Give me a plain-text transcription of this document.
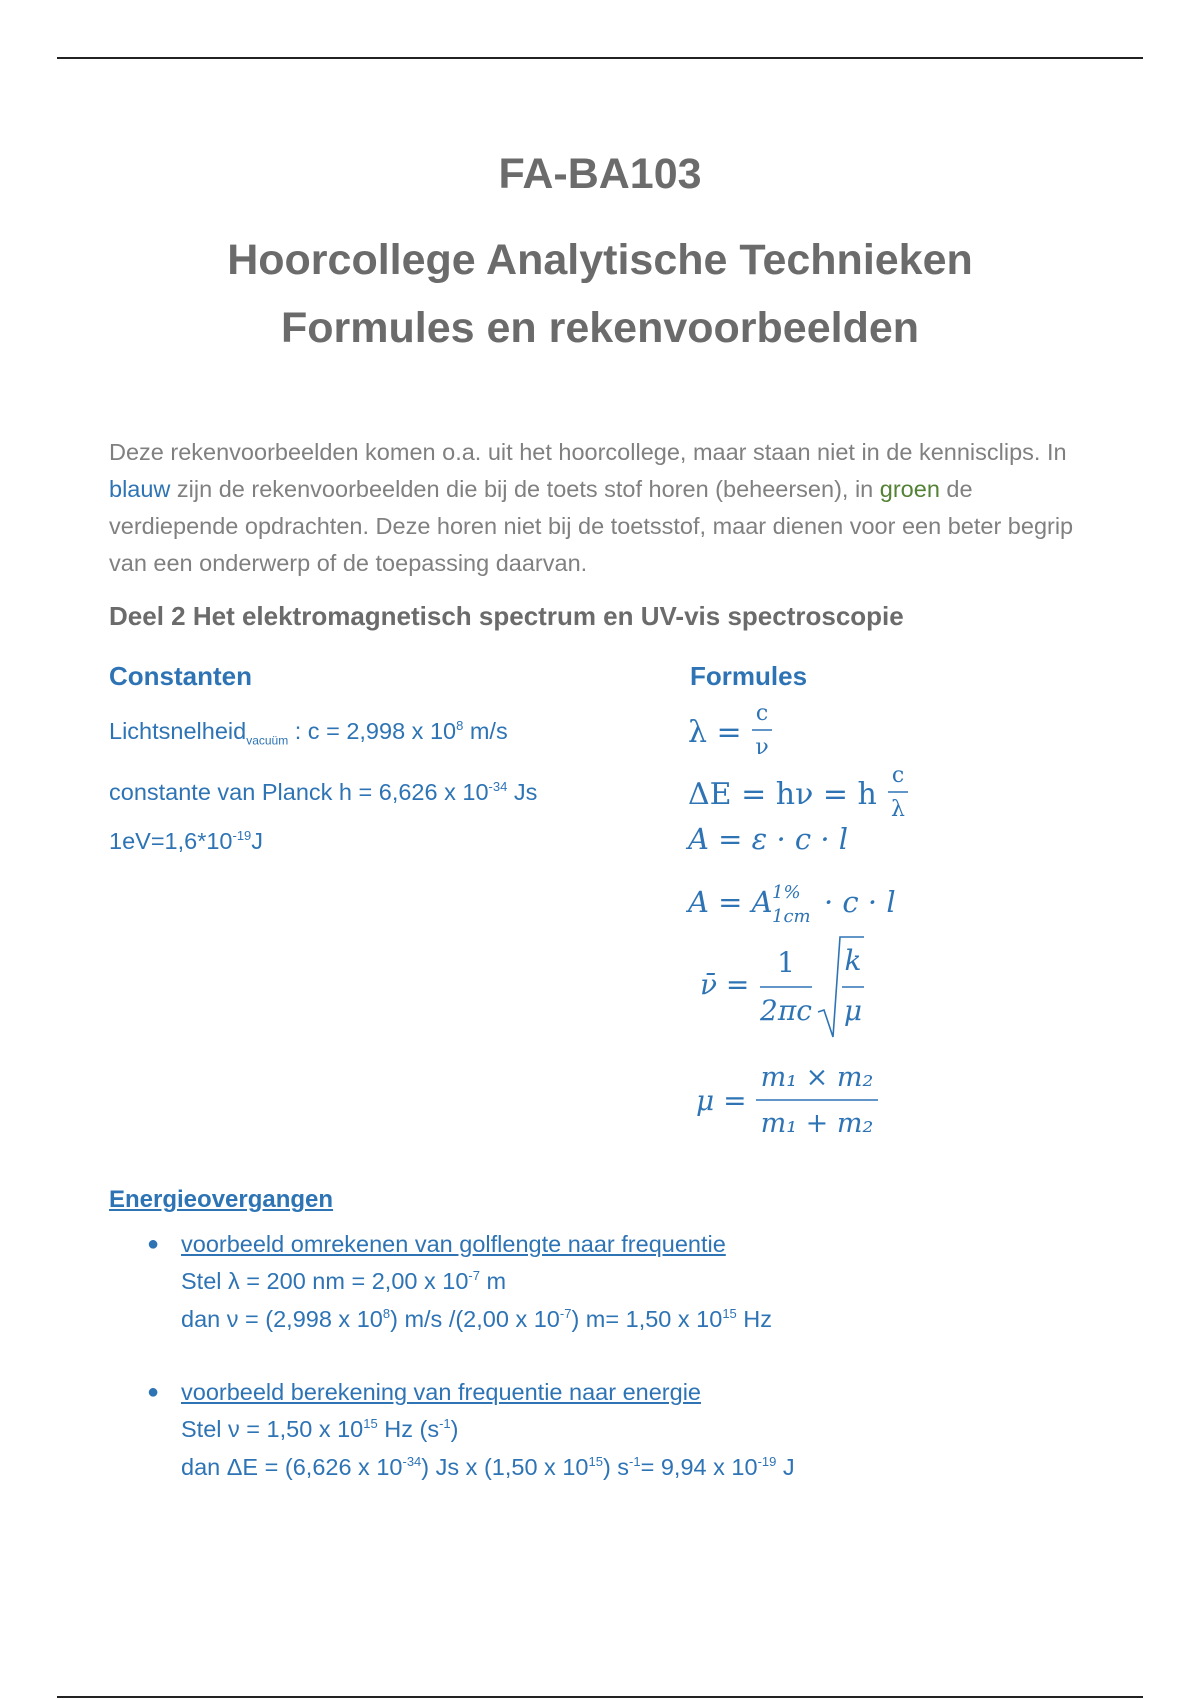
FA-BA103
Hoorcollege Analytische Technieken
Formules en rekenvoorbeelden
Deze rekenvoorbeelden komen o.a. uit het hoorcollege, maar staan niet in de kennisclips. In blauw zijn de rekenvoorbeelden die bij de toets stof horen (beheersen), in groen de verdiepende opdrachten. Deze horen niet bij de toetsstof, maar dienen voor een beter begrip van een onderwerp of de toepassing daarvan.
Deel 2 Het elektromagnetisch spectrum en UV-vis spectroscopie
Constanten	Formules
Lichtsnelheid$_{vacuüm}$ : c = 2,998 x $10^8$ m/s
constante van Planck h = 6,626 x $10^{-34}$ Js
$1eV=1,6*10^{-19}J$
λ =
c
ν
ΔE = hν = h
c
λ
A = ε · c · l
A = A 1%
1cm · c · l
ν̄ =
1
2πc
k
μ
μ =
m₁ × m₂
m₁ + m₂
Energieovergangen
● voorbeeld omrekenen van golflengte naar frequentie
Stel λ = 200 nm = 2,00 x $10^{-7}$ m
dan ν = (2,998 x $10^8$) m/s /(2,00 x $10^{-7}$) m= 1,50 x $10^{15}$ Hz
● voorbeeld berekening van frequentie naar energie
Stel ν = 1,50 x $10^{15}$ Hz $(s^{-1})$
dan ΔE = (6,626 x $10^{-34}$) Js x (1,50 x $10^{15}$) $s^{-1}= 9,94$ x $10^{-19}$ J
